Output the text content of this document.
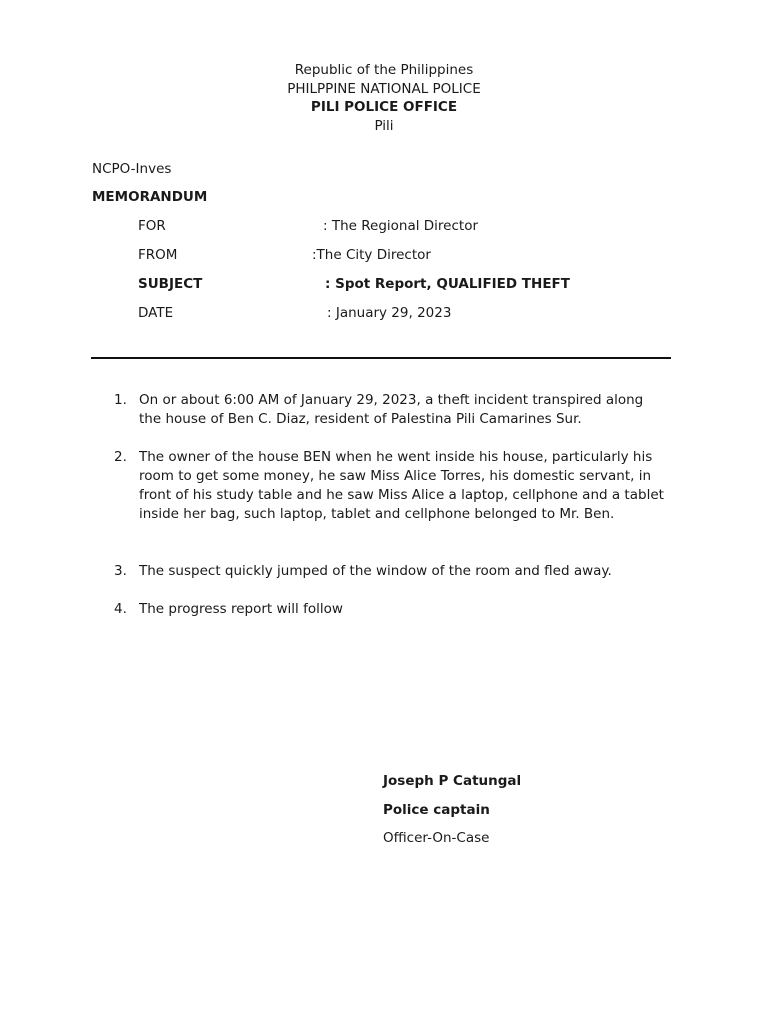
Republic of the Philippines
PHILPPINE NATIONAL POLICE
PILI POLICE OFFICE
Pili
NCPO-Inves
MEMORANDUM
FOR	: The Regional Director
FROM	:The City Director
SUBJECT	: Spot Report, QUALIFIED THEFT
DATE	: January 29, 2023
1. On or about 6:00 AM of January 29, 2023, a theft incident transpired along
the house of Ben C. Diaz, resident of Palestina Pili Camarines Sur.
2. The owner of the house BEN when he went inside his house, particularly his
room to get some money, he saw Miss Alice Torres, his domestic servant, in
front of his study table and he saw Miss Alice a laptop, cellphone and a tablet
inside her bag, such laptop, tablet and cellphone belonged to Mr. Ben.
3. The suspect quickly jumped of the window of the room and fled away.
4. The progress report will follow
Joseph P Catungal
Police captain
Officer-On-Case
